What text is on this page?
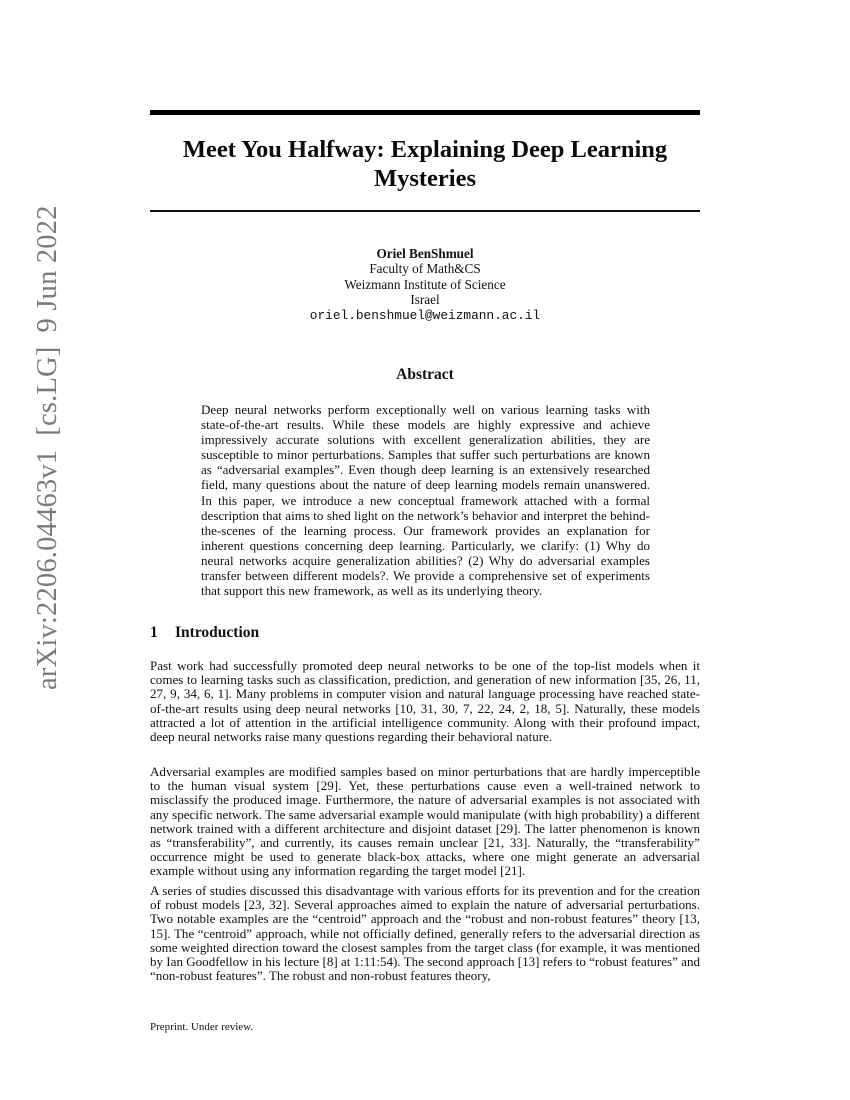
arXiv:2206.04463v1[cs.LG]9 Jun 2022
Meet You Halfway: Explaining Deep Learning Mysteries
Oriel BenShmuel
Faculty of Math&CS
Weizmann Institute of Science
Israel
oriel.benshmuel@weizmann.ac.il
Abstract
Deep neural networks perform exceptionally well on various learning tasks with state-of-the-art results. While these models are highly expressive and achieve impressively accurate solutions with excellent generalization abilities, they are susceptible to minor perturbations. Samples that suffer such perturbations are known as “adversarial examples”. Even though deep learning is an extensively researched field, many questions about the nature of deep learning models remain unanswered. In this paper, we introduce a new conceptual framework attached with a formal description that aims to shed light on the network’s behavior and interpret the behind-the-scenes of the learning process. Our framework provides an explanation for inherent questions concerning deep learning. Particularly, we clarify: (1) Why do neural networks acquire generalization abilities? (2) Why do adversarial examples transfer between different models?. We provide a comprehensive set of experiments that support this new framework, as well as its underlying theory.
1 Introduction
Past work had successfully promoted deep neural networks to be one of the top-list models when it comes to learning tasks such as classification, prediction, and generation of new information [35, 26, 11, 27, 9, 34, 6, 1]. Many problems in computer vision and natural language processing have reached state-of-the-art results using deep neural networks [10, 31, 30, 7, 22, 24, 2, 18, 5]. Naturally, these models attracted a lot of attention in the artificial intelligence community. Along with their profound impact, deep neural networks raise many questions regarding their behavioral nature.
Adversarial examples are modified samples based on minor perturbations that are hardly imperceptible to the human visual system [29]. Yet, these perturbations cause even a well-trained network to misclassify the produced image. Furthermore, the nature of adversarial examples is not associated with any specific network. The same adversarial example would manipulate (with high probability) a different network trained with a different architecture and disjoint dataset [29]. The latter phenomenon is known as “transferability”, and currently, its causes remain unclear [21, 33]. Naturally, the “transferability” occurrence might be used to generate black-box attacks, where one might generate an adversarial example without using any information regarding the target model [21].
A series of studies discussed this disadvantage with various efforts for its prevention and for the creation of robust models [23, 32]. Several approaches aimed to explain the nature of adversarial perturbations. Two notable examples are the “centroid” approach and the “robust and non-robust features” theory [13, 15]. The “centroid” approach, while not officially defined, generally refers to the adversarial direction as some weighted direction toward the closest samples from the target class (for example, it was mentioned by Ian Goodfellow in his lecture [8] at 1:11:54). The second approach [13] refers to “robust features” and “non-robust features”. The robust and non-robust features theory,
Preprint. Under review.
